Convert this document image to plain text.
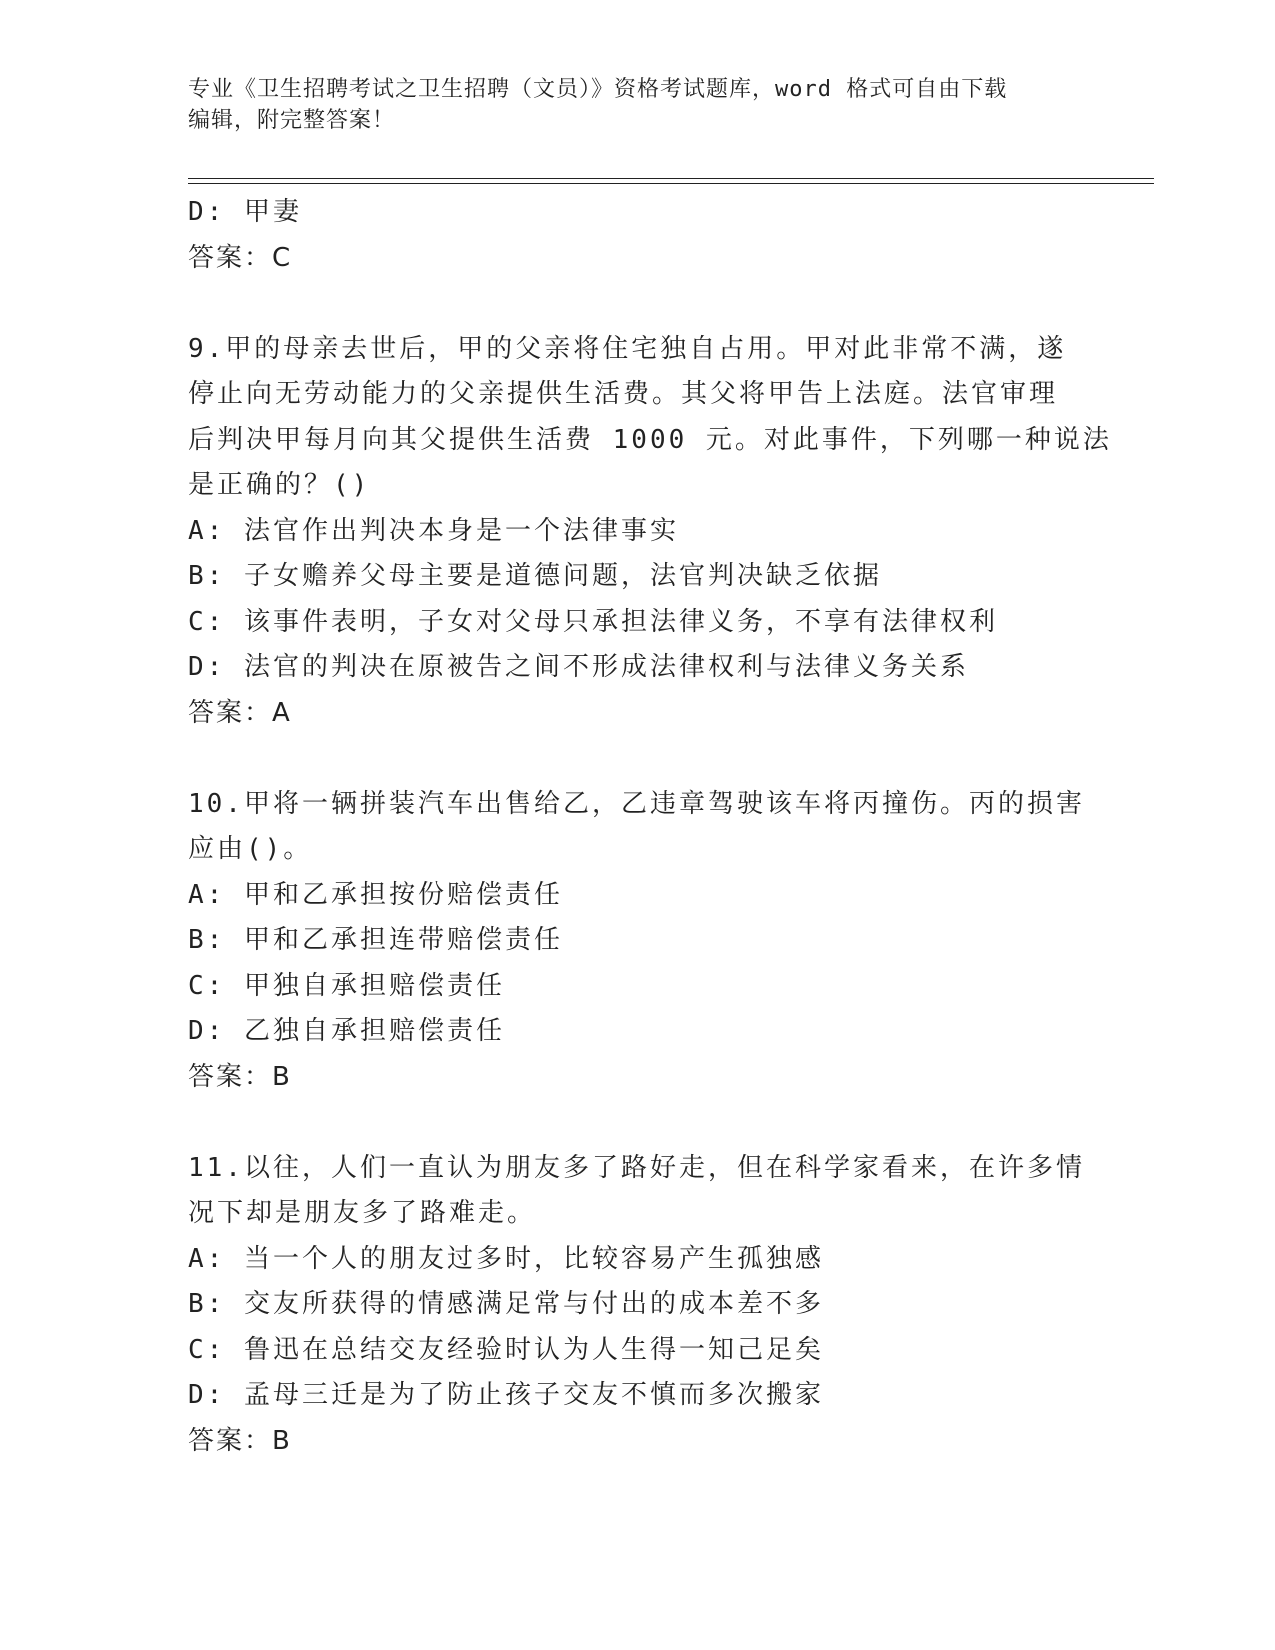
专业《卫生招聘考试之卫生招聘（文员）》资格考试题库，word 格式可自由下载
编辑，附完整答案！
D: 甲妻
答案：C
9.甲的母亲去世后，甲的父亲将住宅独自占用。甲对此非常不满，遂
停止向无劳动能力的父亲提供生活费。其父将甲告上法庭。法官审理
后判决甲每月向其父提供生活费 1000 元。对此事件，下列哪一种说法
是正确的？()
A: 法官作出判决本身是一个法律事实
B: 子女赡养父母主要是道德问题，法官判决缺乏依据
C: 该事件表明，子女对父母只承担法律义务，不享有法律权利
D: 法官的判决在原被告之间不形成法律权利与法律义务关系
答案：A
10.甲将一辆拼装汽车出售给乙，乙违章驾驶该车将丙撞伤。丙的损害
应由()。
A: 甲和乙承担按份赔偿责任
B: 甲和乙承担连带赔偿责任
C: 甲独自承担赔偿责任
D: 乙独自承担赔偿责任
答案：B
11.以往，人们一直认为朋友多了路好走，但在科学家看来，在许多情
况下却是朋友多了路难走。
A: 当一个人的朋友过多时，比较容易产生孤独感
B: 交友所获得的情感满足常与付出的成本差不多
C: 鲁迅在总结交友经验时认为人生得一知己足矣
D: 孟母三迁是为了防止孩子交友不慎而多次搬家
答案：B
